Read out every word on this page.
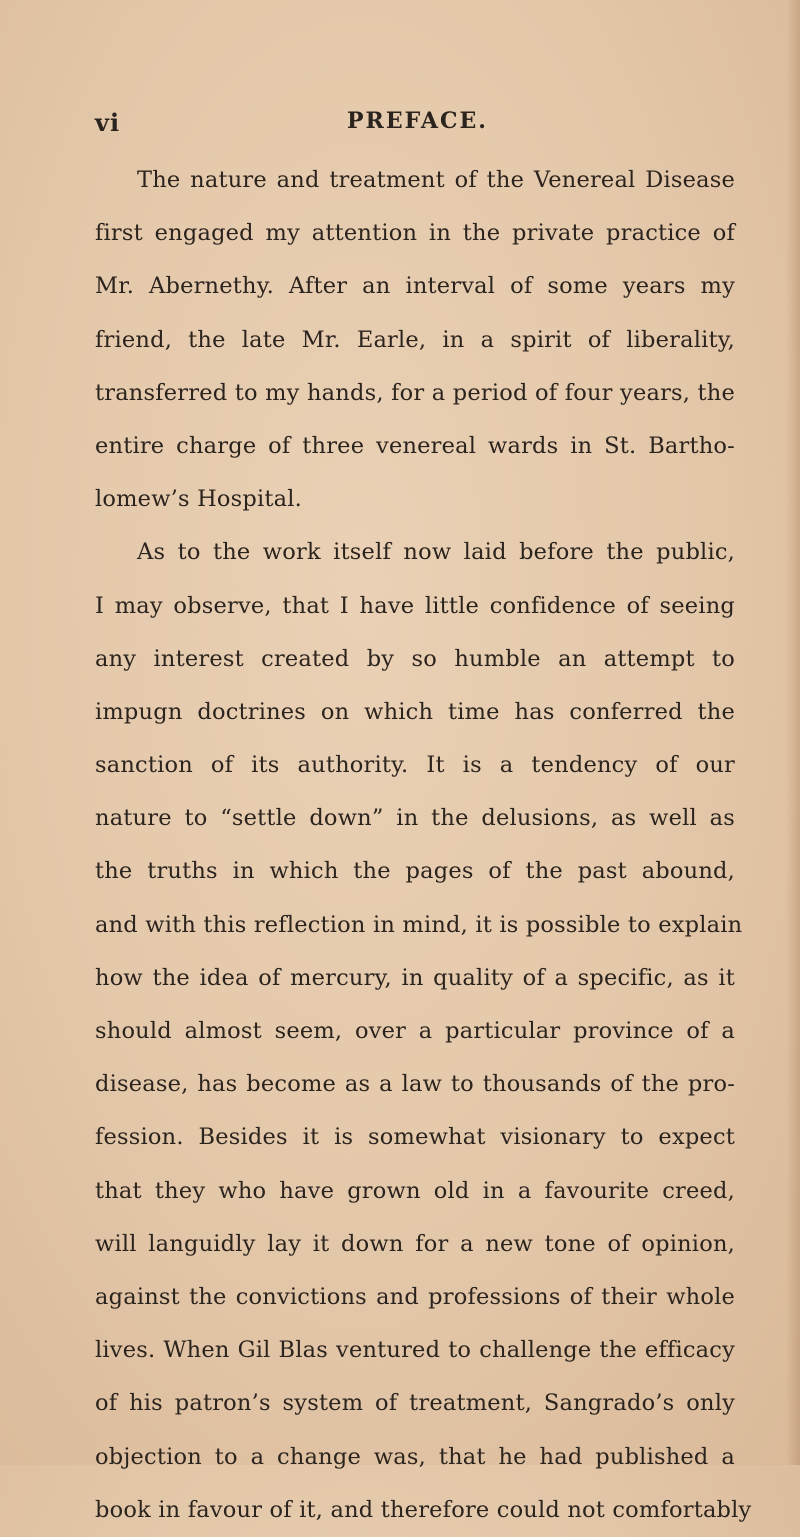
vi	PREFACE.
The nature and treatment of the Venereal Disease
first engaged my attention in the private practice of
Mr. Abernethy. After an interval of some years my
friend, the late Mr. Earle, in a spirit of liberality,
transferred to my hands, for a period of four years, the
entire charge of three venereal wards in St. Bartho-
lomew’s Hospital.
As to the work itself now laid before the public,
I may observe, that I have little confidence of seeing
any interest created by so humble an attempt to
impugn doctrines on which time has conferred the
sanction of its authority. It is a tendency of our
nature to “settle down” in the delusions, as well as
the truths in which the pages of the past abound,
and with this reflection in mind, it is possible to explain
how the idea of mercury, in quality of a specific, as it
should almost seem, over a particular province of a
disease, has become as a law to thousands of the pro-
fession. Besides it is somewhat visionary to expect
that they who have grown old in a favourite creed,
will languidly lay it down for a new tone of opinion,
against the convictions and professions of their whole
lives. When Gil Blas ventured to challenge the efficacy
of his patron’s system of treatment, Sangrado’s only
objection to a change was, that he had published a
book in favour of it, and therefore could not comfortably
